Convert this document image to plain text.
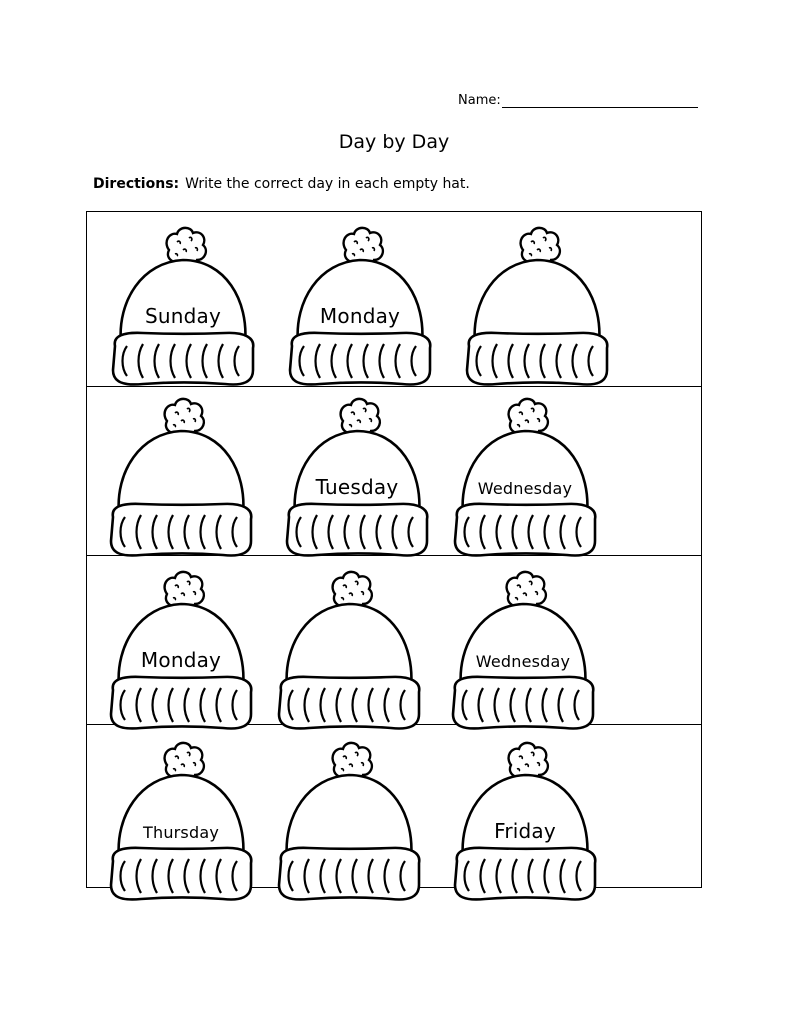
Name:
Day by Day
Directions: Write the correct day in each empty hat.
Sunday	Monday
Tuesday	Wednesday
Monday	Wednesday
Thursday	Friday
